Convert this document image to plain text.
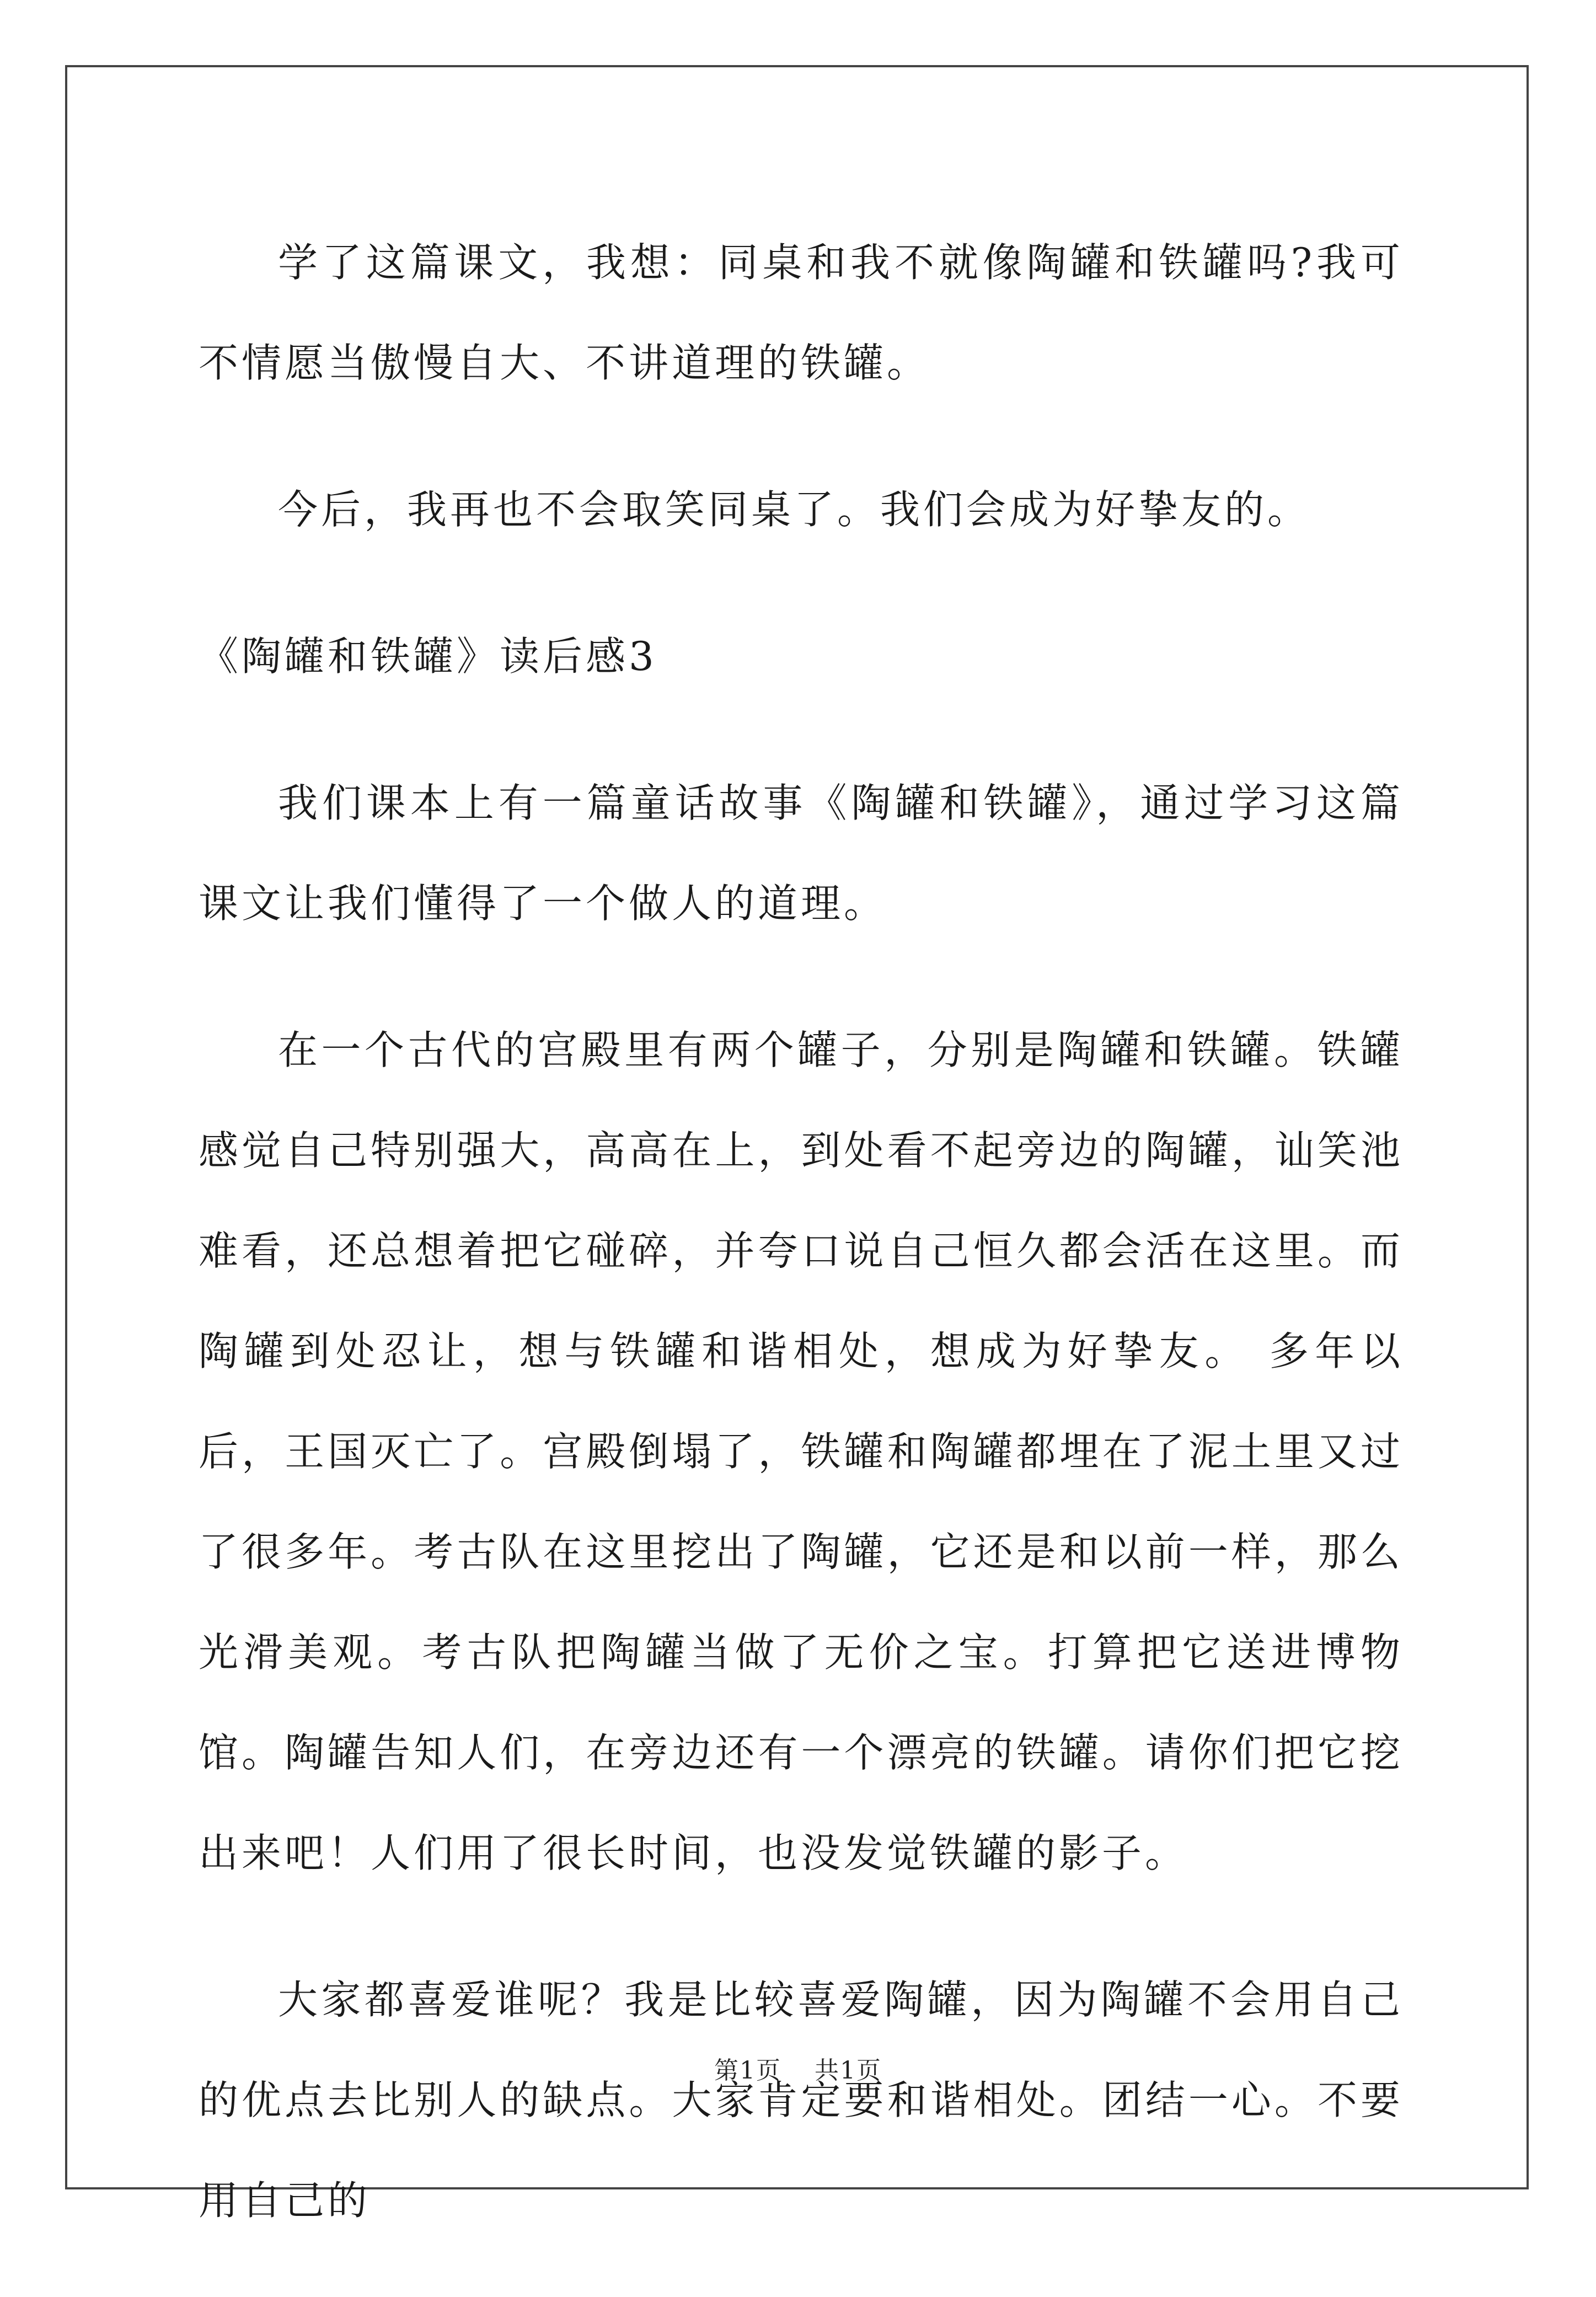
学了这篇课文，我想：同桌和我不就像陶罐和铁罐吗?我可不情愿当傲慢自大、不讲道理的铁罐。

今后，我再也不会取笑同桌了。我们会成为好挚友的。

《陶罐和铁罐》读后感3

我们课本上有一篇童话故事《陶罐和铁罐》，通过学习这篇课文让我们懂得了一个做人的道理。

在一个古代的宫殿里有两个罐子，分别是陶罐和铁罐。铁罐感觉自己特别强大，高高在上，到处看不起旁边的陶罐，讪笑池难看，还总想着把它碰碎，并夸口说自己恒久都会活在这里。而陶罐到处忍让，想与铁罐和谐相处，想成为好挚友。 多年以后，王国灭亡了。宫殿倒塌了，铁罐和陶罐都埋在了泥土里又过了很多年。考古队在这里挖出了陶罐，它还是和以前一样，那么光滑美观。考古队把陶罐当做了无价之宝。打算把它送进博物馆。陶罐告知人们，在旁边还有一个漂亮的铁罐。请你们把它挖出来吧！人们用了很长时间，也没发觉铁罐的影子。

大家都喜爱谁呢？我是比较喜爱陶罐，因为陶罐不会用自己的优点去比别人的缺点。大家肯定要和谐相处。团结一心。不要用自己的

第1页 共1页
